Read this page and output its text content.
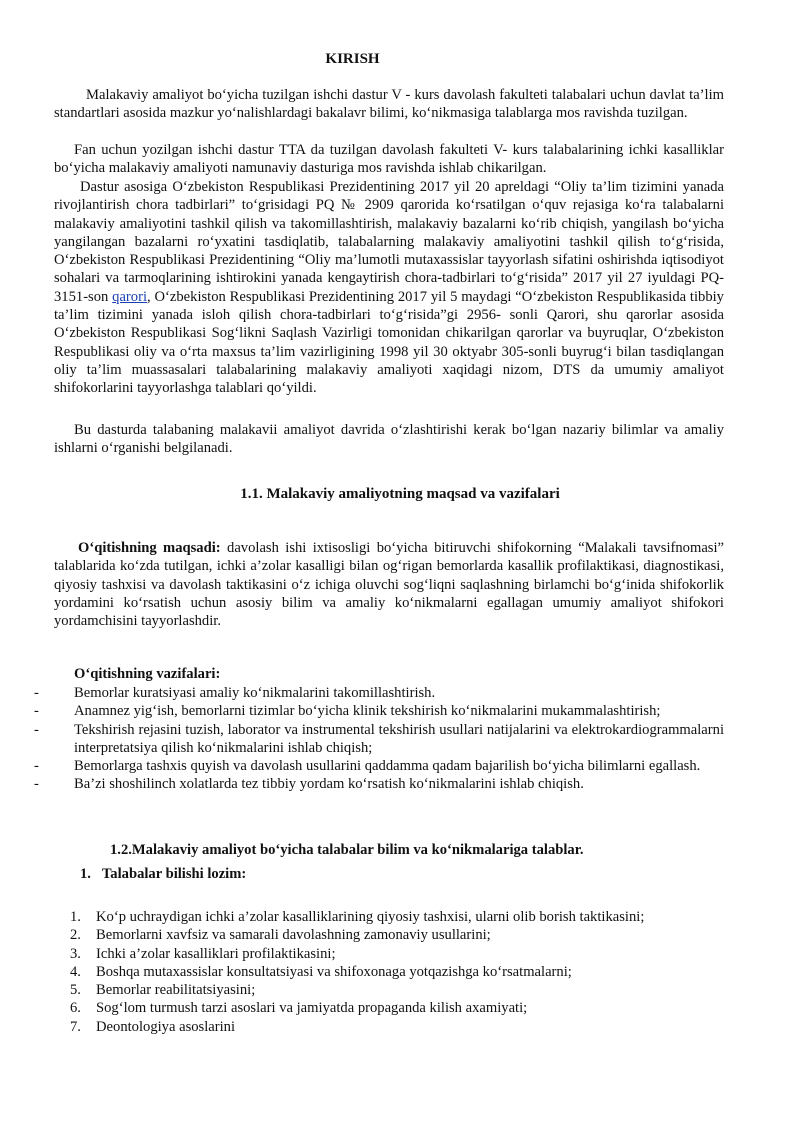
KIRISH
Malakaviy amaliyot bo‘yicha tuzilgan ishchi dastur V - kurs davolash fakulteti talabalari uchun davlat ta’lim standartlari asosida mazkur yo‘nalishlardagi bakalavr bilimi, ko‘nikmasiga talablarga mos ravishda tuzilgan.
Fan uchun yozilgan ishchi dastur TTA da tuzilgan davolash fakulteti V- kurs talabalarining ichki kasalliklar bo‘yicha malakaviy amaliyoti namunaviy dasturiga mos ravishda ishlab chikarilgan.
Dastur asosiga O‘zbekiston Respublikasi Prezidentining 2017 yil 20 apreldagi “Oliy ta’lim tizimini yanada rivojlantirish chora tadbirlari” to‘grisidagi PQ № 2909 qarorida ko‘rsatilgan o‘quv rejasiga ko‘ra talabalarni malakaviy amaliyotini tashkil qilish va takomillashtirish, malakaviy bazalarni ko‘rib chiqish, yangilash bo‘yicha yangilangan bazalarni ro‘yxatini tasdiqlatib, talabalarning malakaviy amaliyotini tashkil qilish to‘g‘risida, O‘zbekiston Respublikasi Prezidentining “Oliy ma’lumotli mutaxassislar tayyorlash sifatini oshirishda iqtisodiyot sohalari va tarmoqlarining ishtirokini yanada kengaytirish chora-tadbirlari to‘g‘risida” 2017 yil 27 iyuldagi PQ-3151-son qarori, O‘zbekiston Respublikasi Prezidentining 2017 yil 5 maydagi “O‘zbekiston Respublikasida tibbiy ta’lim tizimini yanada isloh qilish chora-tadbirlari to‘g‘risida”gi 2956- sonli Qarori, shu qarorlar asosida O‘zbekiston Respublikasi Sog‘likni Saqlash Vazirligi tomonidan chikarilgan qarorlar va buyruqlar, O‘zbekiston Respublikasi oliy va o‘rta maxsus ta’lim vazirligining 1998 yil 30 oktyabr 305-sonli buyrug‘i bilan tasdiqlangan oliy ta’lim muassasalari talabalarining malakaviy amaliyoti xaqidagi nizom, DTS da umumiy amaliyot shifokorlarini tayyorlashga talablari qo‘yildi.
Bu dasturda talabaning malakavii amaliyot davrida o‘zlashtirishi kerak bo‘lgan nazariy bilimlar va amaliy ishlarni o‘rganishi belgilanadi.
1.1. Malakaviy amaliyotning maqsad va vazifalari
O‘qitishning maqsadi: davolash ishi ixtisosligi bo‘yicha bitiruvchi shifokorning “Malakali tavsifnomasi” talablarida ko‘zda tutilgan, ichki a’zolar kasalligi bilan og‘rigan bemorlarda kasallik profilaktikasi, diagnostikasi, qiyosiy tashxisi va davolash taktikasini o‘z ichiga oluvchi sog‘liqni saqlashning birlamchi bo‘g‘inida shifokorlik yordamini ko‘rsatish uchun asosiy bilim va amaliy ko‘nikmalarni egallagan umumiy amaliyot shifokori yordamchisini tayyorlashdir.
O‘qitishning vazifalari:
- Bemorlar kuratsiyasi amaliy ko‘nikmalarini takomillashtirish.
- Anamnez yig‘ish, bemorlarni tizimlar bo‘yicha klinik tekshirish ko‘nikmalarini mukammalashtirish;
- Tekshirish rejasini tuzish, laborator va instrumental tekshirish usullari natijalarini va elektrokardiogrammalarni interpretatsiya qilish ko‘nikmalarini ishlab chiqish;
- Bemorlarga tashxis quyish va davolash usullarini qaddamma qadam bajarilish bo‘yicha bilimlarni egallash.
- Ba’zi shoshilinch xolatlarda tez tibbiy yordam ko‘rsatish ko‘nikmalarini ishlab chiqish.
1.2.Malakaviy amaliyot bo‘yicha talabalar bilim va ko‘nikmalariga talablar.
1. Talabalar bilishi lozim:
1. Ko‘p uchraydigan ichki a’zolar kasalliklarining qiyosiy tashxisi, ularni olib borish taktikasini;
2. Bemorlarni xavfsiz va samarali davolashning zamonaviy usullarini;
3. Ichki a’zolar kasalliklari profilaktikasini;
4. Boshqa mutaxassislar konsultatsiyasi va shifoxonaga yotqazishga ko‘rsatmalarni;
5. Bemorlar reabilitatsiyasini;
6. Sog‘lom turmush tarzi asoslari va jamiyatda propaganda kilish axamiyati;
7. Deontologiya asoslarini
